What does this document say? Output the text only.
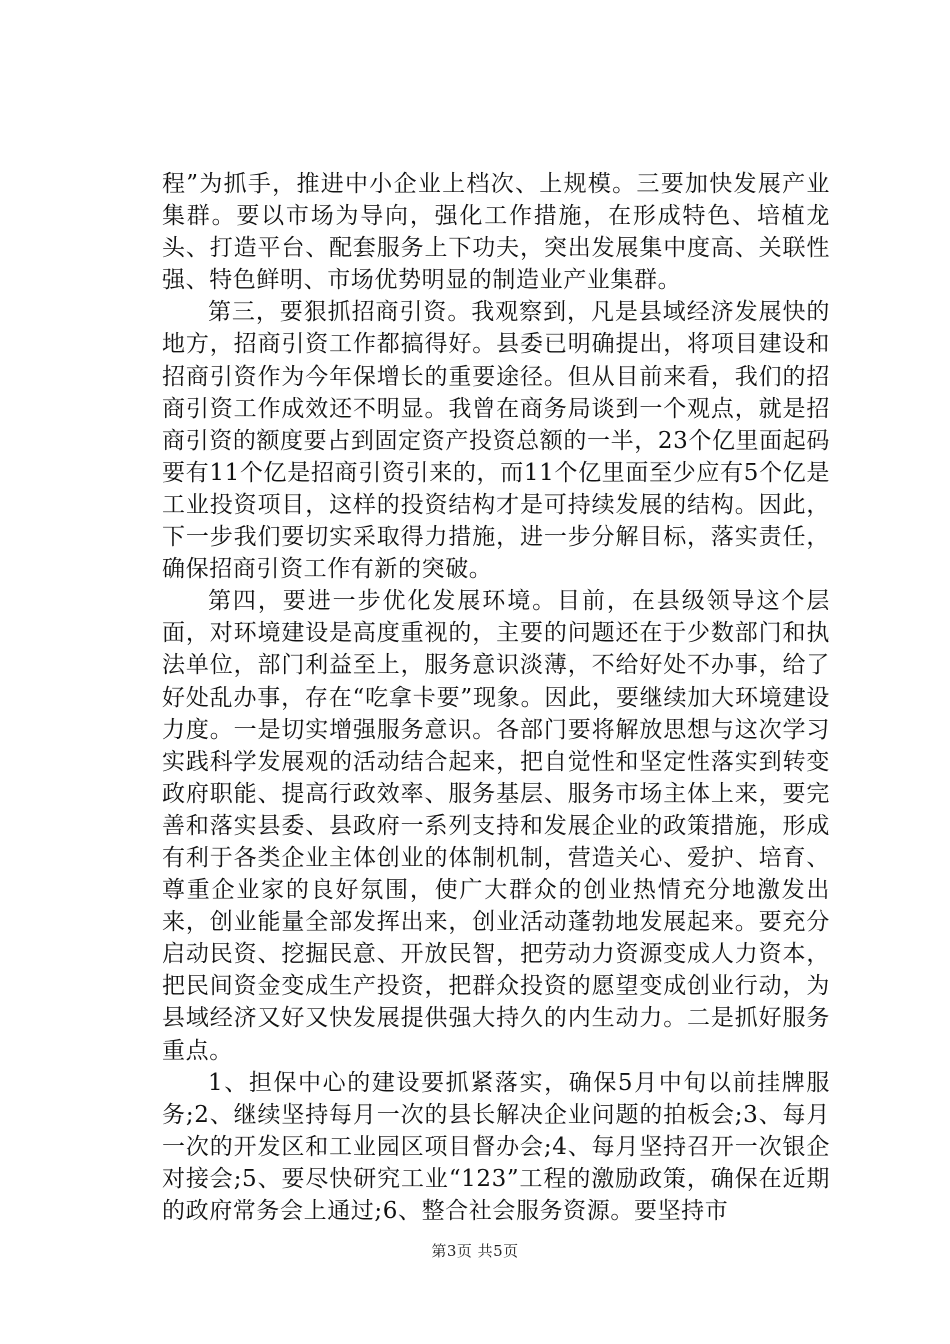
程”为抓手，推进中小企业上档次、上规模。三要加快发展产业集群。要以市场为导向，强化工作措施，在形成特色、培植龙头、打造平台、配套服务上下功夫，突出发展集中度高、关联性强、特色鲜明、市场优势明显的制造业产业集群。

第三，要狠抓招商引资。我观察到，凡是县域经济发展快的地方，招商引资工作都搞得好。县委已明确提出，将项目建设和招商引资作为今年保增长的重要途径。但从目前来看，我们的招商引资工作成效还不明显。我曾在商务局谈到一个观点，就是招商引资的额度要占到固定资产投资总额的一半，23个亿里面起码要有11个亿是招商引资引来的，而11个亿里面至少应有5个亿是工业投资项目，这样的投资结构才是可持续发展的结构。因此，下一步我们要切实采取得力措施，进一步分解目标，落实责任，确保招商引资工作有新的突破。

第四，要进一步优化发展环境。目前，在县级领导这个层面，对环境建设是高度重视的，主要的问题还在于少数部门和执法单位，部门利益至上，服务意识淡薄，不给好处不办事，给了好处乱办事，存在“吃拿卡要”现象。因此，要继续加大环境建设力度。一是切实增强服务意识。各部门要将解放思想与这次学习实践科学发展观的活动结合起来，把自觉性和坚定性落实到转变政府职能、提高行政效率、服务基层、服务市场主体上来，要完善和落实县委、县政府一系列支持和发展企业的政策措施，形成有利于各类企业主体创业的体制机制，营造关心、爱护、培育、尊重企业家的良好氛围，使广大群众的创业热情充分地激发出来，创业能量全部发挥出来，创业活动蓬勃地发展起来。要充分启动民资、挖掘民意、开放民智，把劳动力资源变成人力资本，把民间资金变成生产投资，把群众投资的愿望变成创业行动，为县域经济又好又快发展提供强大持久的内生动力。二是抓好服务重点。

1、担保中心的建设要抓紧落实，确保5月中旬以前挂牌服务;2、继续坚持每月一次的县长解决企业问题的拍板会;3、每月一次的开发区和工业园区项目督办会;4、每月坚持召开一次银企对接会;5、要尽快研究工业“123”工程的激励政策，确保在近期的政府常务会上通过;6、整合社会服务资源。要坚持市

第3页 共5页
